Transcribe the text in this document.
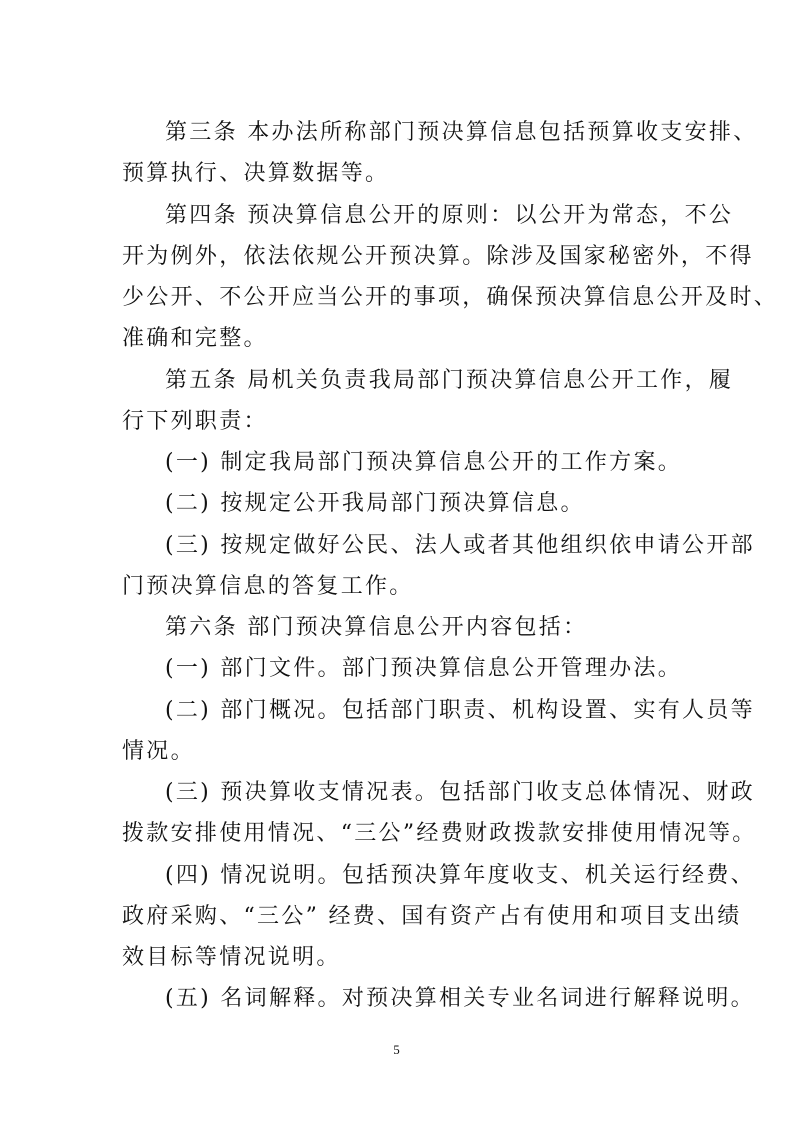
第三条 本办法所称部门预决算信息包括预算收支安排、
预算执行、决算数据等。
第四条 预决算信息公开的原则：以公开为常态，不公
开为例外，依法依规公开预决算。除涉及国家秘密外，不得
少公开、不公开应当公开的事项，确保预决算信息公开及时、
准确和完整。
第五条 局机关负责我局部门预决算信息公开工作，履
行下列职责：
(一) 制定我局部门预决算信息公开的工作方案。
(二) 按规定公开我局部门预决算信息。
(三) 按规定做好公民、法人或者其他组织依申请公开部
门预决算信息的答复工作。
第六条 部门预决算信息公开内容包括：
(一) 部门文件。部门预决算信息公开管理办法。
(二) 部门概况。包括部门职责、机构设置、实有人员等
情况。
(三) 预决算收支情况表。包括部门收支总体情况、财政
拨款安排使用情况、“三公”经费财政拨款安排使用情况等。
(四) 情况说明。包括预决算年度收支、机关运行经费、
政府采购、“三公” 经费、国有资产占有使用和项目支出绩
效目标等情况说明。
(五) 名词解释。对预决算相关专业名词进行解释说明。
5
